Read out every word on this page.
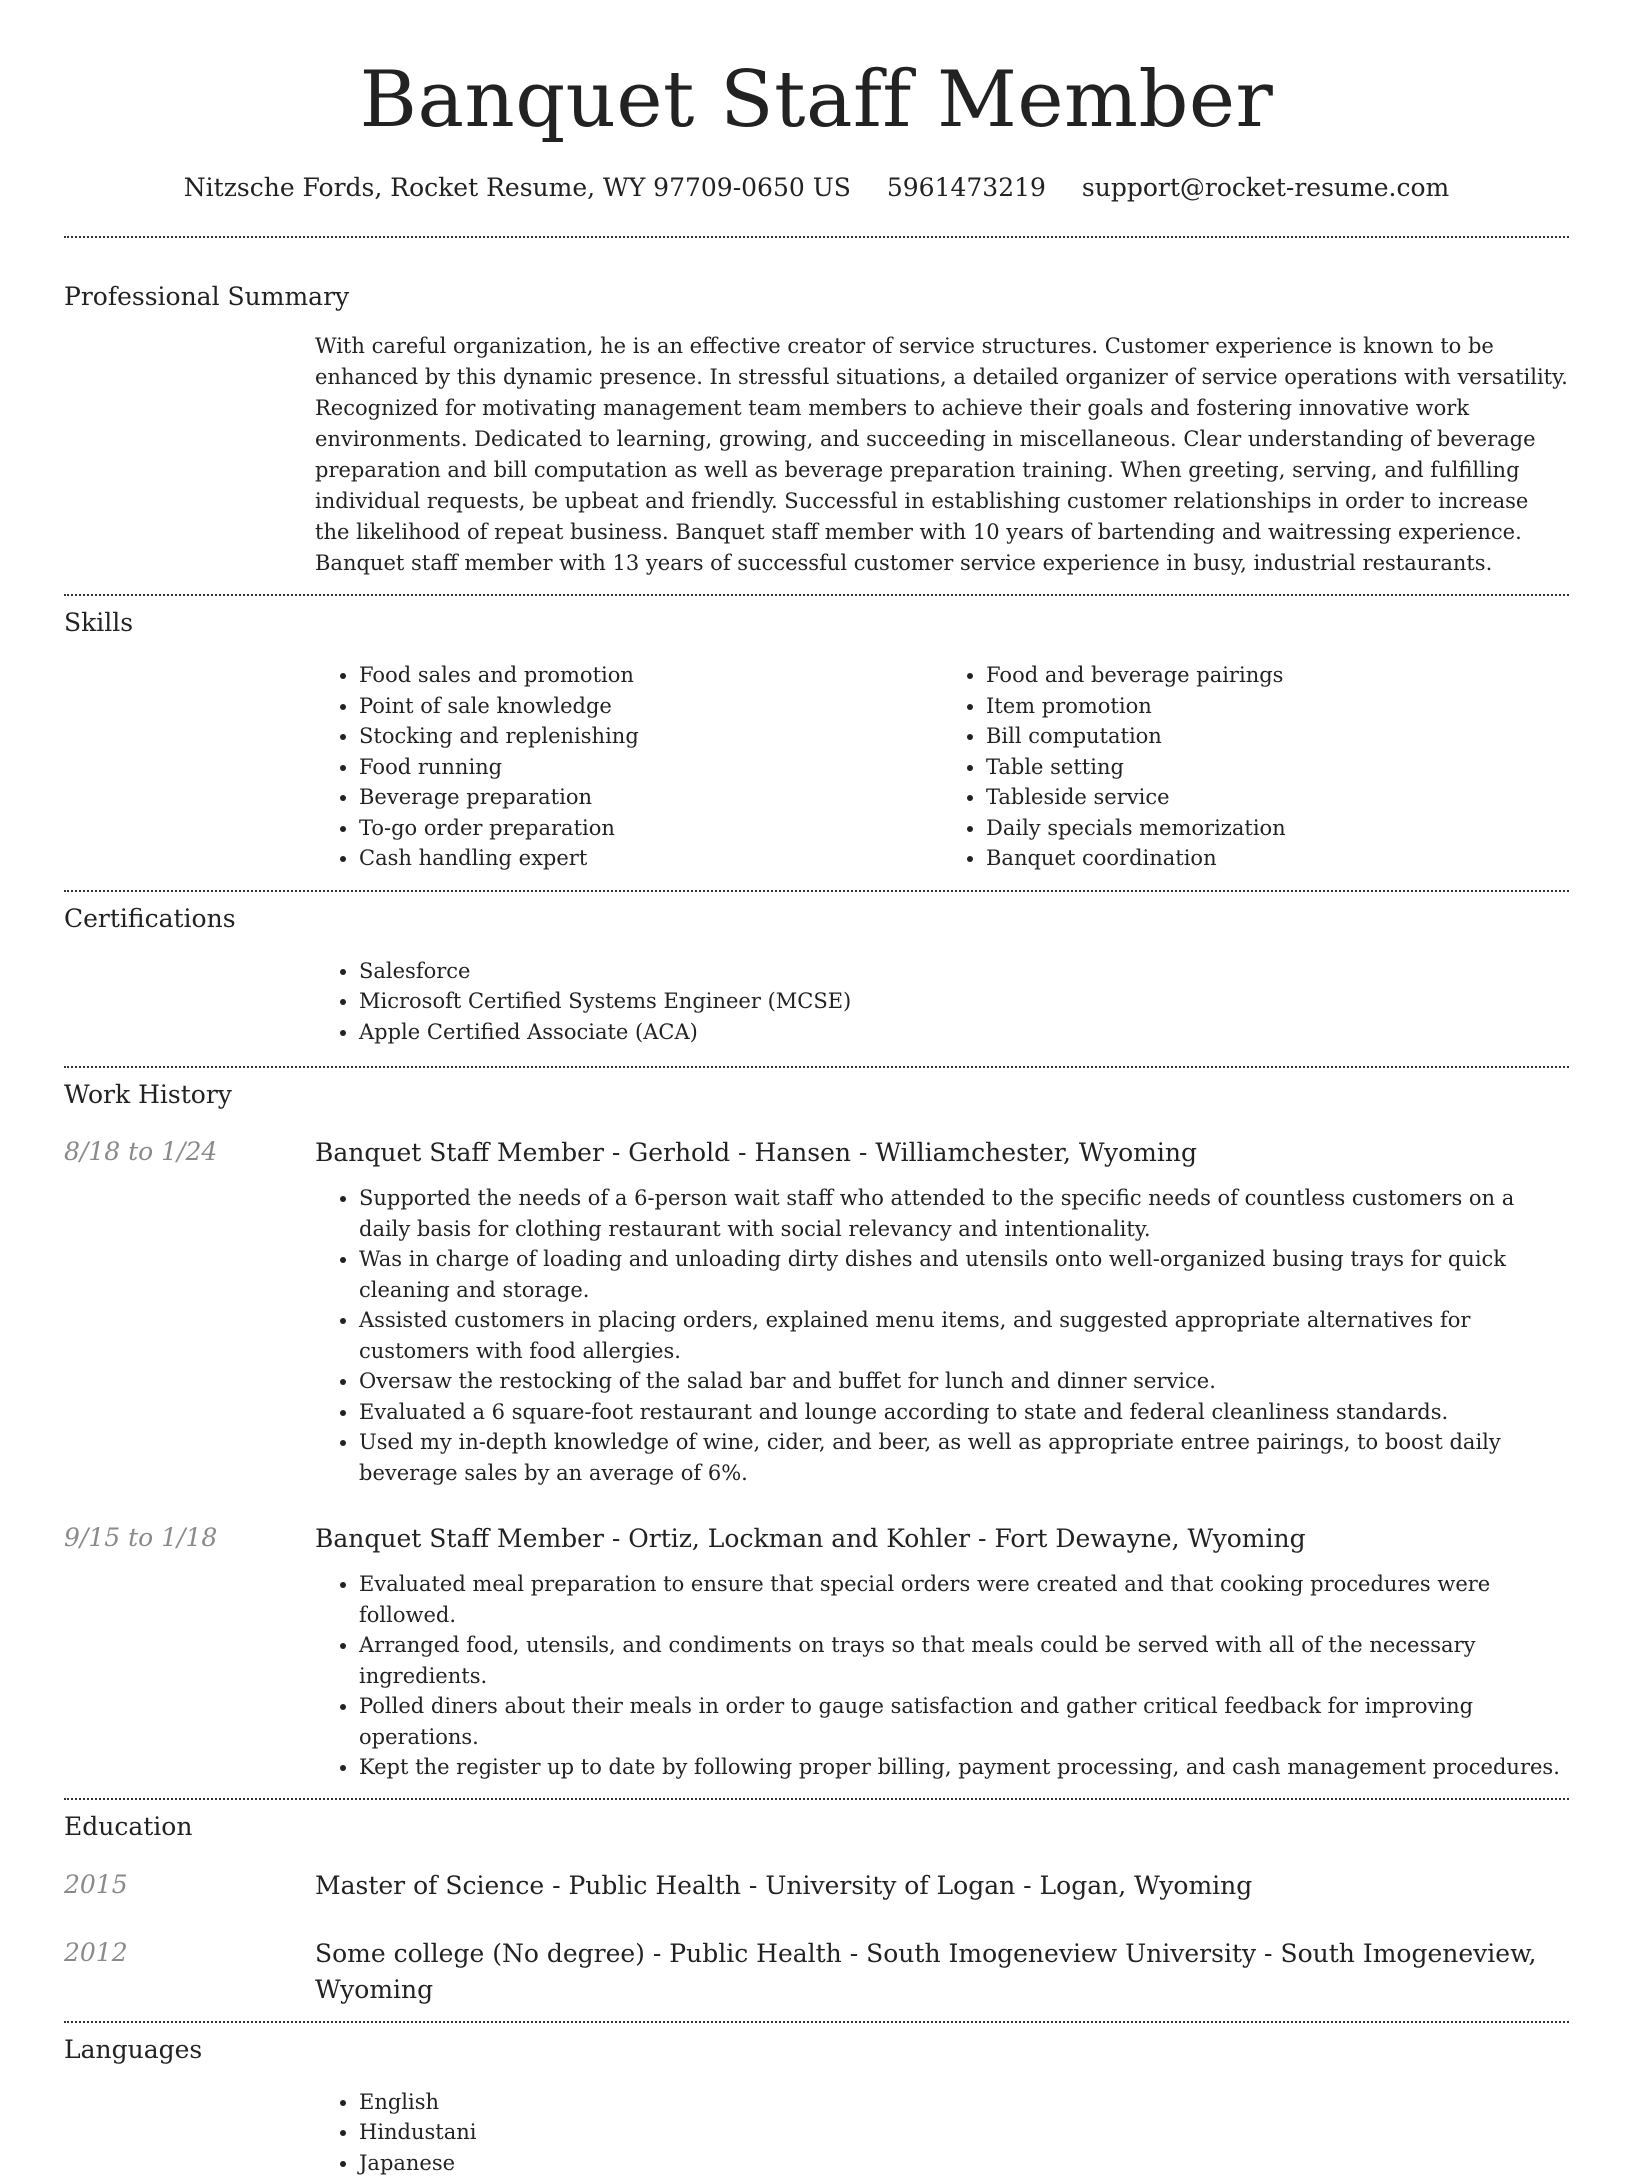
Banquet Staff Member
Nitzsche Fords, Rocket Resume, WY 97709-0650 US 5961473219 support@rocket-resume.com
Professional Summary

With careful organization, he is an effective creator of service structures. Customer experience is known to be enhanced by this dynamic presence. In stressful situations, a detailed organizer of service operations with versatility. Recognized for motivating management team members to achieve their goals and fostering innovative work environments. Dedicated to learning, growing, and succeeding in miscellaneous. Clear understanding of beverage preparation and bill computation as well as beverage preparation training. When greeting, serving, and fulfilling individual requests, be upbeat and friendly. Successful in establishing customer relationships in order to increase the likelihood of repeat business. Banquet staff member with 10 years of bartending and waitressing experience. Banquet staff member with 13 years of successful customer service experience in busy, industrial restaurants.

Skills
• Food sales and promotion
• Point of sale knowledge
• Stocking and replenishing
• Food running
• Beverage preparation
• To-go order preparation
• Cash handling expert
• Food and beverage pairings
• Item promotion
• Bill computation
• Table setting
• Tableside service
• Daily specials memorization
• Banquet coordination
Certifications
• Salesforce
• Microsoft Certified Systems Engineer (MCSE)
• Apple Certified Associate (ACA)
Work History
8/18 to 1/24	Banquet Staff Member - Gerhold - Hansen - Williamchester, Wyoming
• Supported the needs of a 6-person wait staff who attended to the specific needs of countless customers on a daily basis for clothing restaurant with social relevancy and intentionality.
• Was in charge of loading and unloading dirty dishes and utensils onto well-organized busing trays for quick cleaning and storage.
• Assisted customers in placing orders, explained menu items, and suggested appropriate alternatives for customers with food allergies.
• Oversaw the restocking of the salad bar and buffet for lunch and dinner service.
• Evaluated a 6 square-foot restaurant and lounge according to state and federal cleanliness standards.
• Used my in-depth knowledge of wine, cider, and beer, as well as appropriate entree pairings, to boost daily beverage sales by an average of 6%.
9/15 to 1/18	Banquet Staff Member - Ortiz, Lockman and Kohler - Fort Dewayne, Wyoming
• Evaluated meal preparation to ensure that special orders were created and that cooking procedures were followed.
• Arranged food, utensils, and condiments on trays so that meals could be served with all of the necessary ingredients.
• Polled diners about their meals in order to gauge satisfaction and gather critical feedback for improving operations.
• Kept the register up to date by following proper billing, payment processing, and cash management procedures.
Education
2015	Master of Science - Public Health - University of Logan - Logan, Wyoming
2012	Some college (No degree) - Public Health - South Imogeneview University - South Imogeneview, Wyoming
Languages
• English
• Hindustani
• Japanese
